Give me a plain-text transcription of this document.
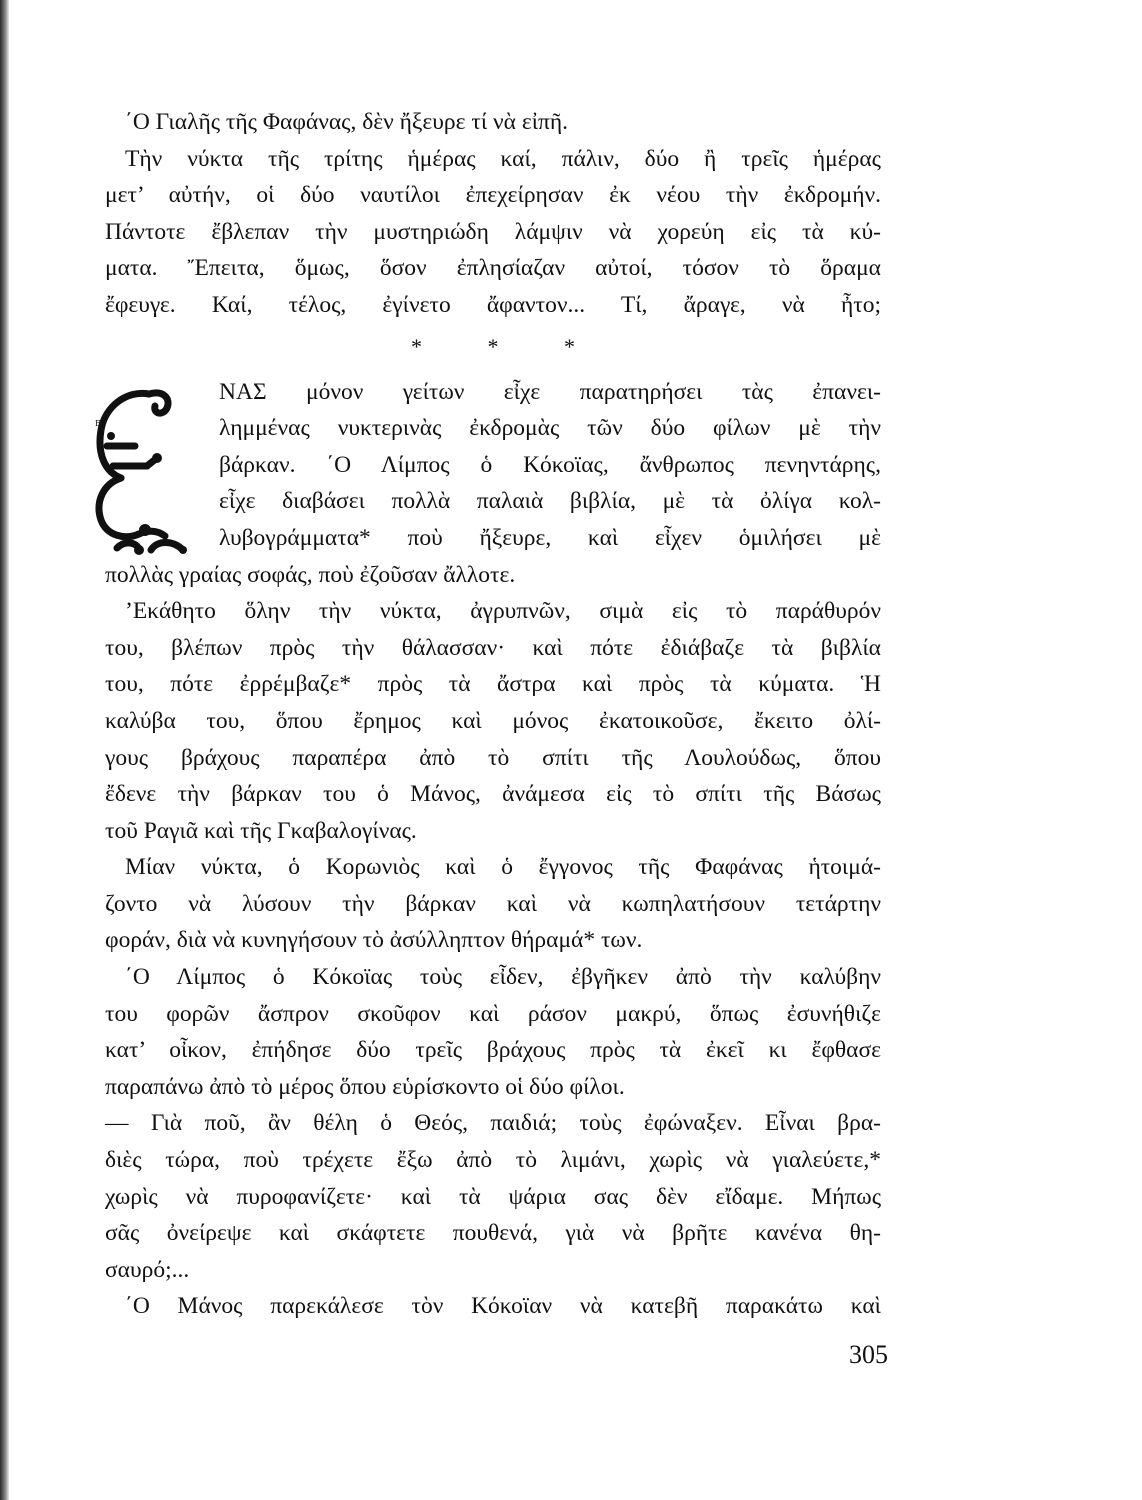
΄Ο Γιαλῆς τῆς Φαφάνας, δὲν ἤξευρε τί νὰ εἰπῆ.
Τὴν νύκτα τῆς τρίτης ἡμέρας καί, πάλιν, δύο ἢ τρεῖς ἡμέρας
μετ’ αὐτήν, οἱ δύο ναυτίλοι ἐπεχείρησαν ἐκ νέου τὴν ἐκδρομήν.
Πάντοτε ἔβλεπαν τὴν μυστηριώδη λάμψιν νὰ χορεύη εἰς τὰ κύ-
ματα. Ἔπειτα, ὅμως, ὅσον ἐπλησίαζαν αὐτοί, τόσον τὸ ὅραμα
ἔφευγε. Καί, τέλος, ἐγίνετο ἄφαντον... Τί, ἄραγε, νὰ ἦτο;
* * *
Ε
ΝΑΣ μόνον γείτων εἶχε παρατηρήσει τὰς ἐπανει-
λημμένας νυκτερινὰς ἐκδρομὰς τῶν δύο φίλων μὲ τὴν
βάρκαν. ΄Ο Λίμπος ὁ Κόκοϊας, ἄνθρωπος πενηντάρης,
εἶχε διαβάσει πολλὰ παλαιὰ βιβλία, μὲ τὰ ὀλίγα κολ-
λυβογράμματα* ποὺ ἤξευρε, καὶ εἶχεν ὁμιλήσει μὲ
πολλὰς γραίας σοφάς, ποὺ ἐζοῦσαν ἄλλοτε.
’Εκάθητο ὅλην τὴν νύκτα, ἀγρυπνῶν, σιμὰ εἰς τὸ παράθυρόν
του, βλέπων πρὸς τὴν θάλασσαν· καὶ πότε ἐδιάβαζε τὰ βιβλία
του, πότε ἐρρέμβαζε* πρὸς τὰ ἄστρα καὶ πρὸς τὰ κύματα. Ἡ
καλύβα του, ὅπου ἔρημος καὶ μόνος ἐκατοικοῦσε, ἔκειτο ὀλί-
γους βράχους παραπέρα ἀπὸ τὸ σπίτι τῆς Λουλούδως, ὅπου
ἔδενε τὴν βάρκαν του ὁ Μάνος, ἀνάμεσα εἰς τὸ σπίτι τῆς Βάσως
τοῦ Ραγιᾶ καὶ τῆς Γκαβαλογίνας.
Μίαν νύκτα, ὁ Κορωνιὸς καὶ ὁ ἔγγονος τῆς Φαφάνας ἡτοιμά-
ζοντο νὰ λύσουν τὴν βάρκαν καὶ νὰ κωπηλατήσουν τετάρτην
φοράν, διὰ νὰ κυνηγήσουν τὸ ἀσύλληπτον θήραμά* των.
΄Ο Λίμπος ὁ Κόκοϊας τοὺς εἶδεν, ἐβγῆκεν ἀπὸ τὴν καλύβην
του φορῶν ἄσπρον σκοῦφον καὶ ράσον μακρύ, ὅπως ἐσυνήθιζε
κατ’ οἶκον, ἐπήδησε δύο τρεῖς βράχους πρὸς τὰ ἐκεῖ κι ἔφθασε
παραπάνω ἀπὸ τὸ μέρος ὅπου εὑρίσκοντο οἱ δύο φίλοι.
— Γιὰ ποῦ, ἂν θέλη ὁ Θεός, παιδιά; τοὺς ἐφώναξεν. Εἶναι βρα-
διὲς τώρα, ποὺ τρέχετε ἔξω ἀπὸ τὸ λιμάνι, χωρὶς νὰ γιαλεύετε,*
χωρὶς νὰ πυροφανίζετε· καὶ τὰ ψάρια σας δὲν εἴδαμε. Μήπως
σᾶς ὀνείρεψε καὶ σκάφτετε πουθενά, γιὰ νὰ βρῆτε κανένα θη-
σαυρό;...
΄Ο Μάνος παρεκάλεσε τὸν Κόκοϊαν νὰ κατεβῆ παρακάτω καὶ
305
